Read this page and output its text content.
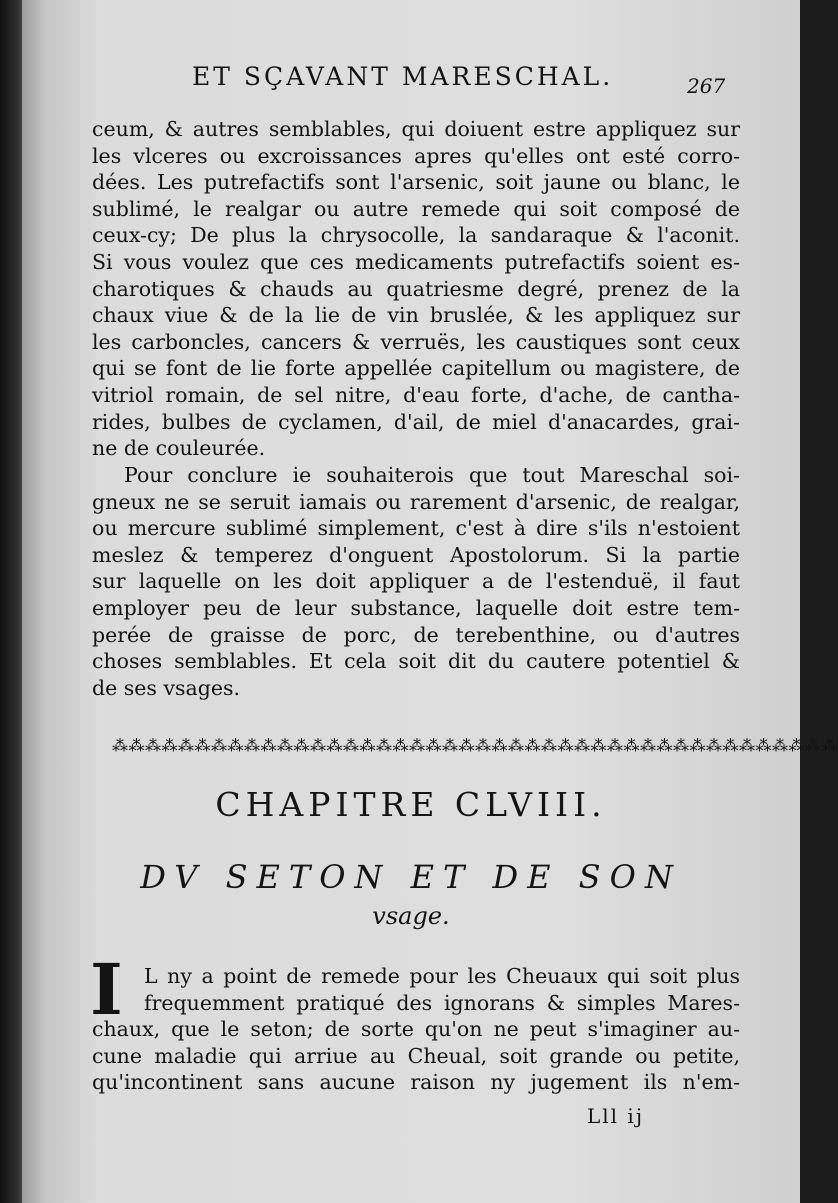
ET SÇAVANT MARESCHAL.	267
ceum, & autres semblables, qui doiuent estre appliquez sur
les vlceres ou excroissances apres qu'elles ont esté corro-
dées. Les putrefactifs sont l'arsenic, soit jaune ou blanc, le
sublimé, le realgar ou autre remede qui soit composé de
ceux-cy; De plus la chrysocolle, la sandaraque & l'aconit.
Si vous voulez que ces medicaments putrefactifs soient es-
charotiques & chauds au quatriesme degré, prenez de la
chaux viue & de la lie de vin bruslée, & les appliquez sur
les carboncles, cancers & verruës, les caustiques sont ceux
qui se font de lie forte appellée capitellum ou magistere, de
vitriol romain, de sel nitre, d'eau forte, d'ache, de cantha-
rides, bulbes de cyclamen, d'ail, de miel d'anacardes, grai-
ne de couleurée.
Pour conclure ie souhaiterois que tout Mareschal soi-
gneux ne se seruit iamais ou rarement d'arsenic, de realgar,
ou mercure sublimé simplement, c'est à dire s'ils n'estoient
meslez & temperez d'onguent Apostolorum. Si la partie
sur laquelle on les doit appliquer a de l'estenduë, il faut
employer peu de leur substance, laquelle doit estre tem-
perée de graisse de porc, de terebenthine, ou d'autres
choses semblables. Et cela soit dit du cautere potentiel &
de ses vsages.
⁂⁂⁂⁂⁂⁂⁂⁂⁂⁂⁂⁂⁂⁂⁂⁂⁂⁂⁂⁂⁂⁂⁂⁂⁂⁂⁂⁂⁂⁂⁂⁂⁂⁂⁂⁂⁂⁂⁂⁂⁂⁂⁂⁂
CHAPITRE CLVIII.
DV SETON ET DE SON
vsage.
I L ny a point de remede pour les Cheuaux qui soit plus
frequemment pratiqué des ignorans & simples Mares-
chaux, que le seton; de sorte qu'on ne peut s'imaginer au-
cune maladie qui arriue au Cheual, soit grande ou petite,
qu'incontinent sans aucune raison ny jugement ils n'em-
Lll ij
